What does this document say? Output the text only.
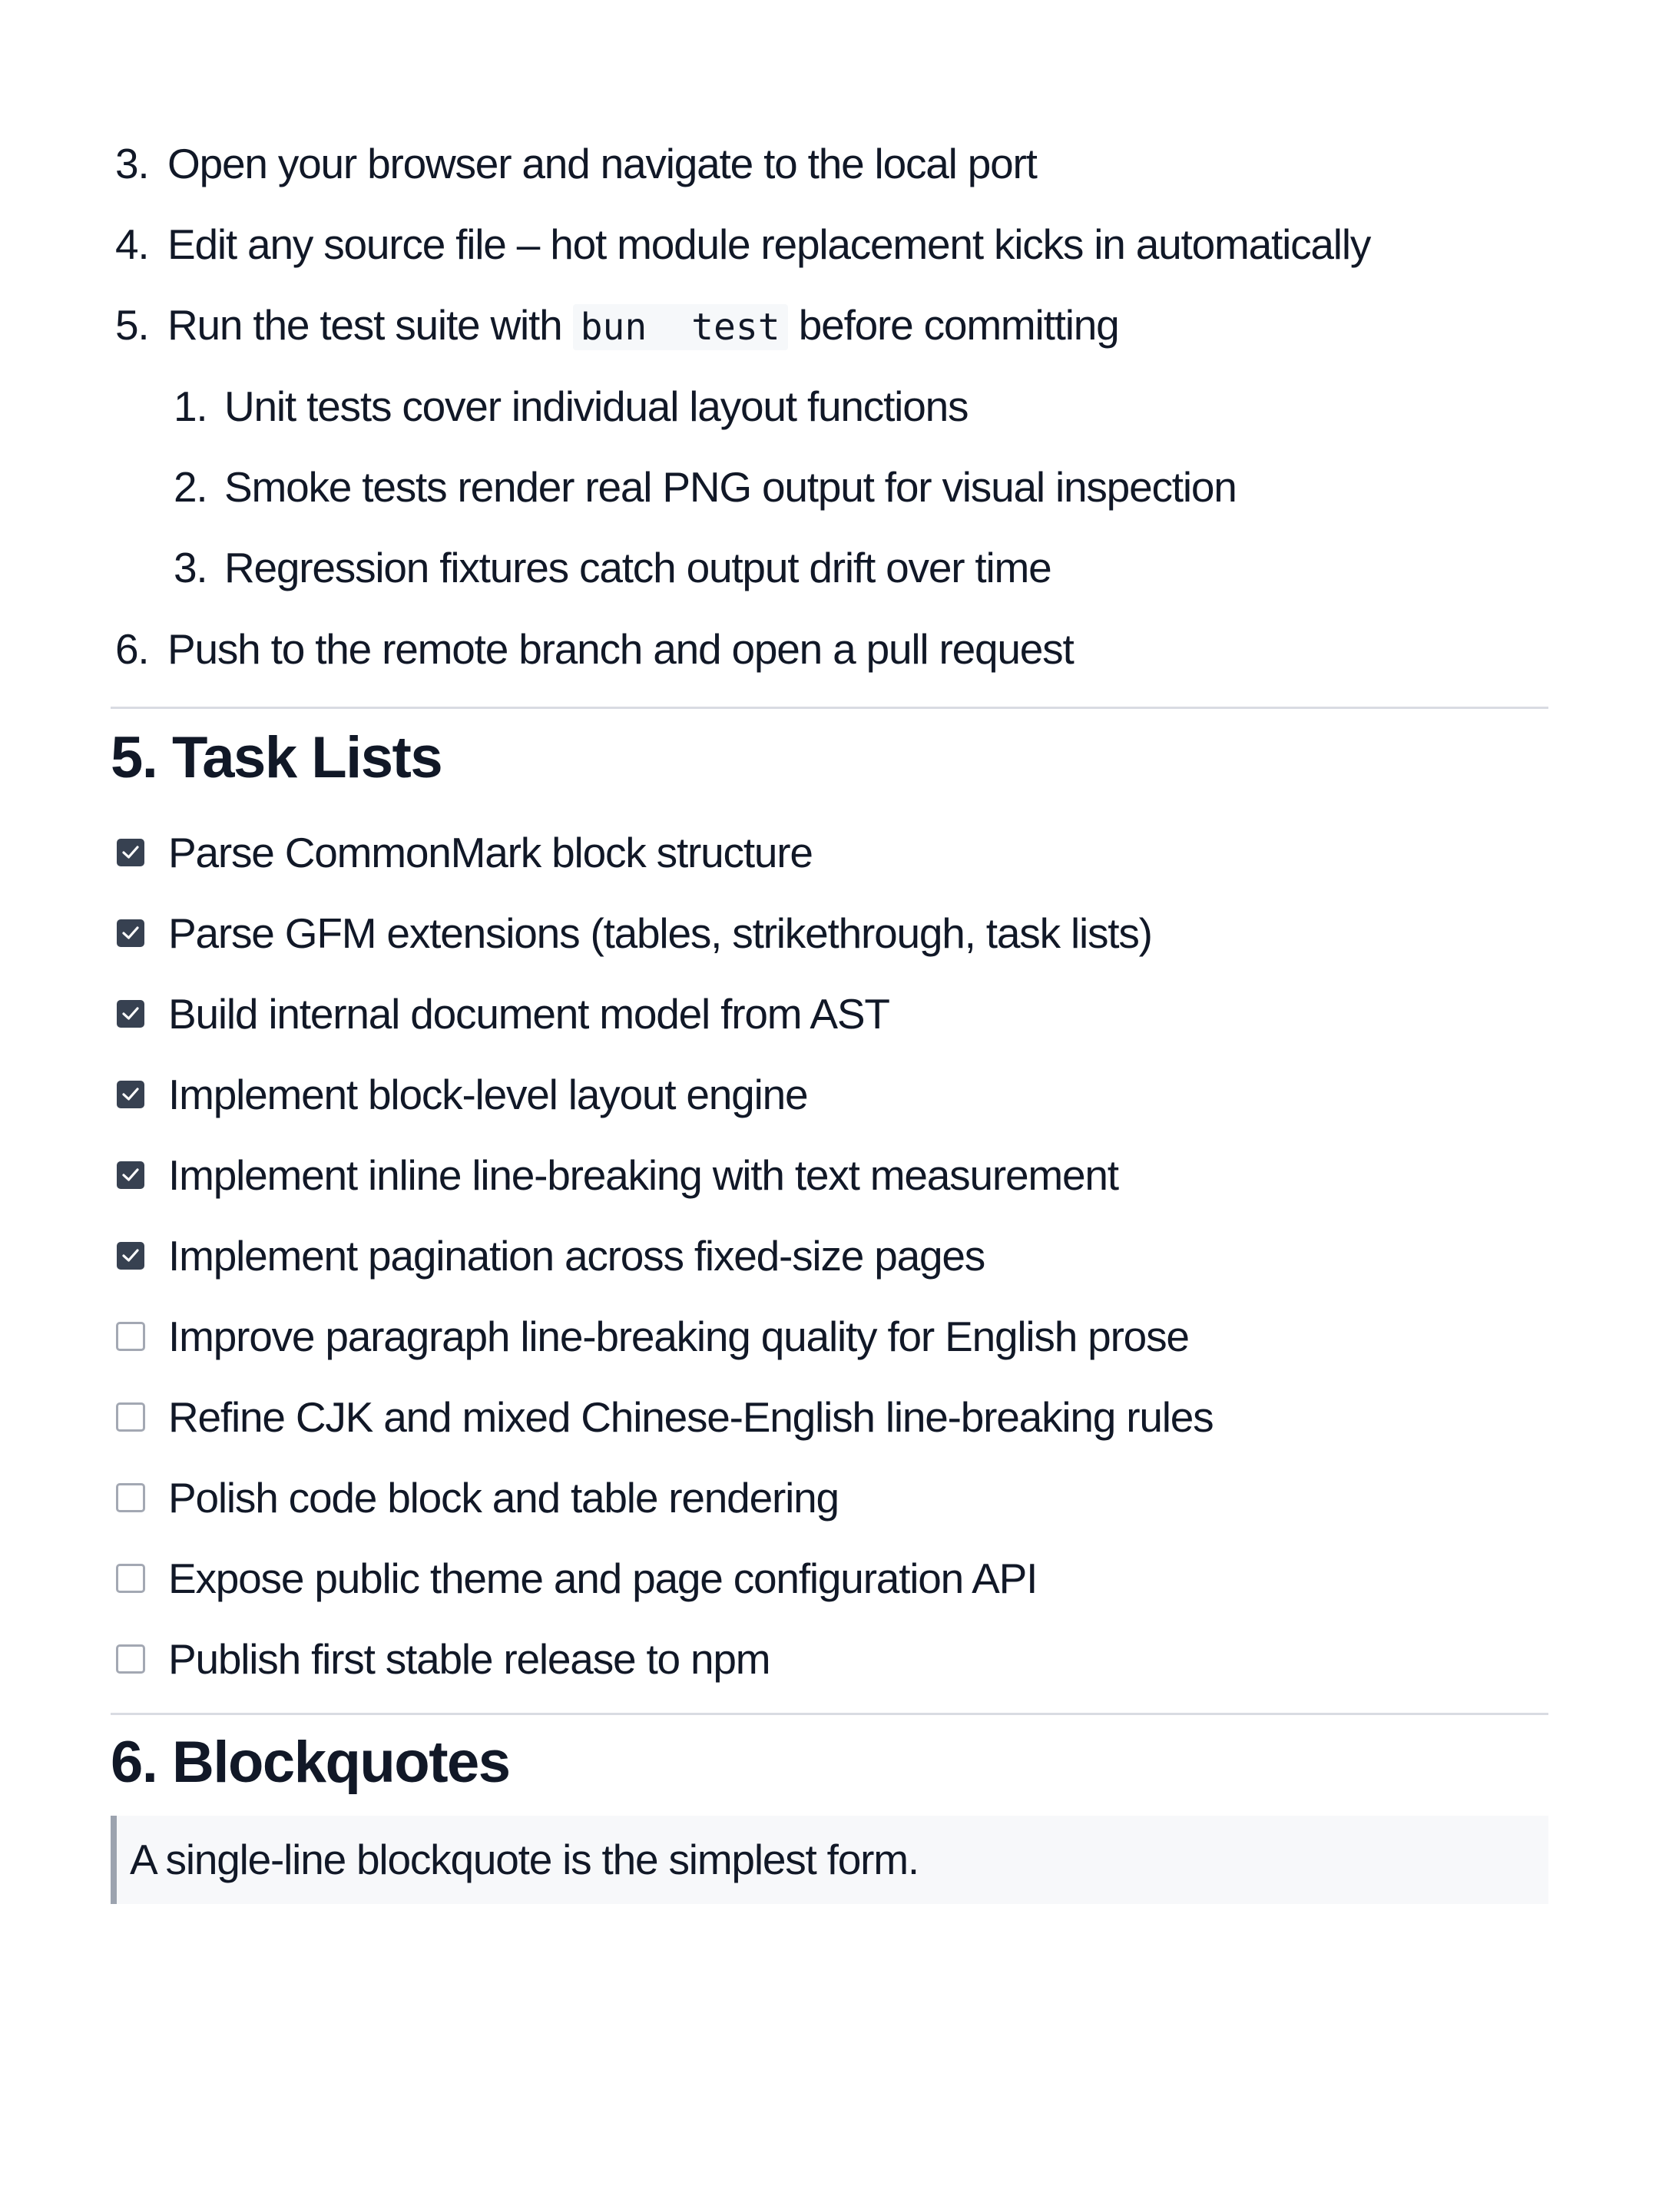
3. Open your browser and navigate to the local port
4. Edit any source file – hot module replacement kicks in automatically
5. Run the test suite with bun  test before committing
1. Unit tests cover individual layout functions
2. Smoke tests render real PNG output for visual inspection
3. Regression fixtures catch output drift over time
6. Push to the remote branch and open a pull request
5. Task Lists
Parse CommonMark block structure
Parse GFM extensions (tables, strikethrough, task lists)
Build internal document model from AST
Implement block-level layout engine
Implement inline line-breaking with text measurement
Implement pagination across fixed-size pages
Improve paragraph line-breaking quality for English prose
Refine CJK and mixed Chinese-English line-breaking rules
Polish code block and table rendering
Expose public theme and page configuration API
Publish first stable release to npm
6. Blockquotes
A single-line blockquote is the simplest form.
